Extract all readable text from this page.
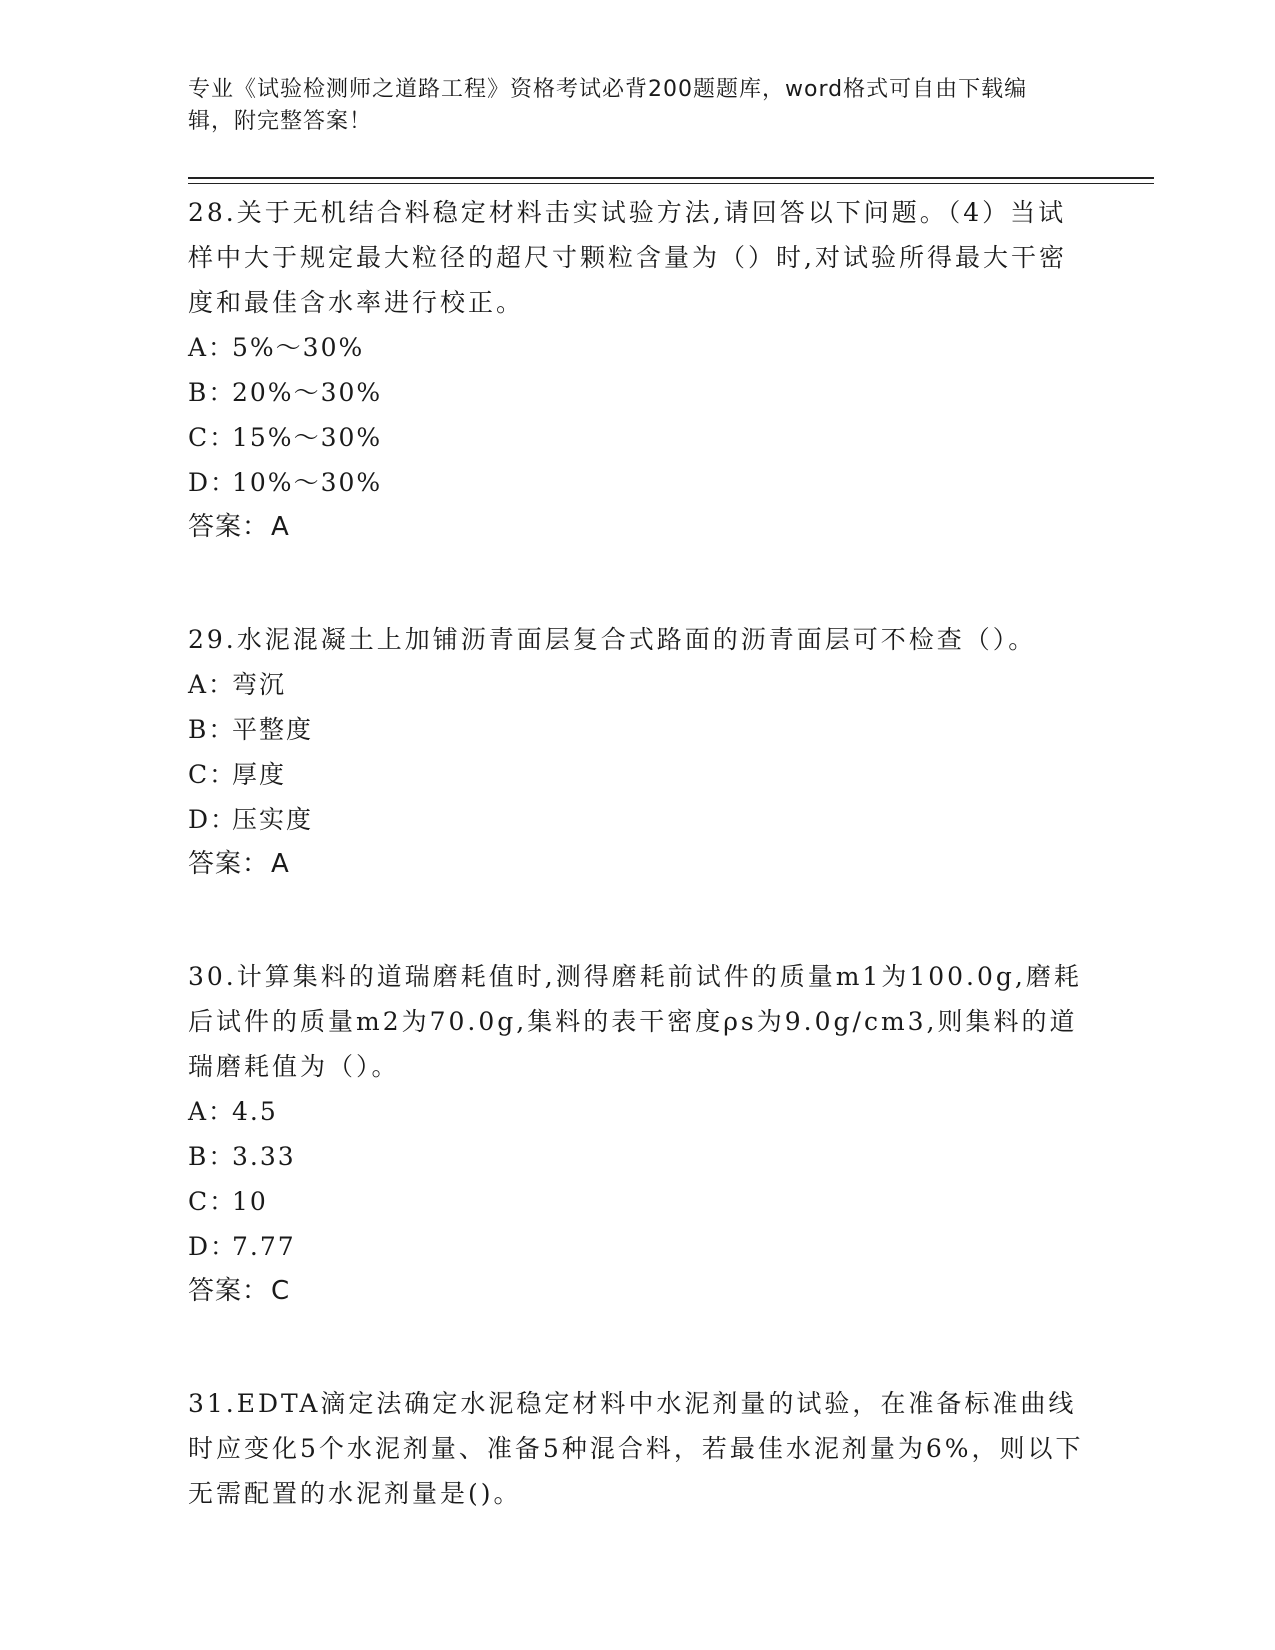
专业《试验检测师之道路工程》资格考试必背200题题库，word格式可自由下载编辑，附完整答案！

28.关于无机结合料稳定材料击实试验方法,请回答以下问题。（4）当试样中大于规定最大粒径的超尺寸颗粒含量为（）时,对试验所得最大干密度和最佳含水率进行校正。

A：
5%～30%
B：
20%～30%
C：
15%～30%
D：
10%～30%
答案：A

29.水泥混凝土上加铺沥青面层复合式路面的沥青面层可不检查（）。

A：
弯沉
B：
平整度
C：
厚度
D：
压实度
答案：A

30.计算集料的道瑞磨耗值时,测得磨耗前试件的质量m1为100.0g,磨耗后试件的质量m2为70.0g,集料的表干密度ρs为9.0g/cm3,则集料的道瑞磨耗值为（）。

A：
4.5
B：
3.33
C：
10
D：
7.77
答案：C

31.EDTA滴定法确定水泥稳定材料中水泥剂量的试验，在准备标准曲线时应变化5个水泥剂量、准备5种混合料，若最佳水泥剂量为6%，则以下无需配置的水泥剂量是()。
